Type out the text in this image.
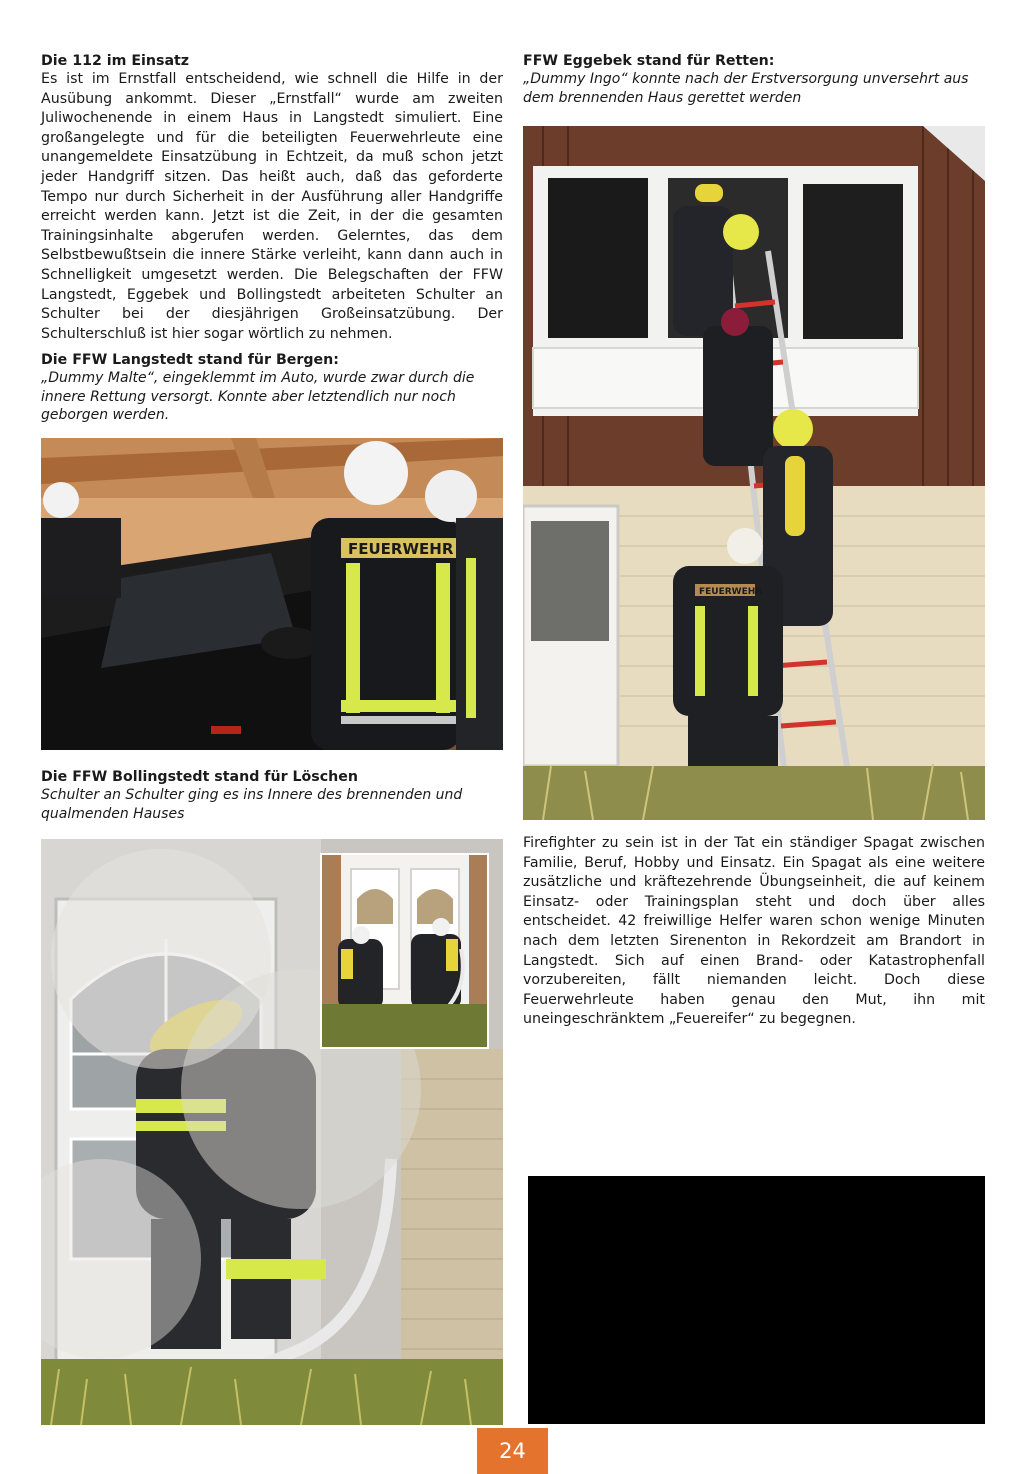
Die 112 im Einsatz

Es ist im Ernstfall entscheidend, wie schnell die Hilfe in der Ausübung ankommt. Dieser „Ernstfall“ wurde am zweiten Juliwochenende in einem Haus in Langstedt simuliert. Eine großangelegte und für die beteiligten Feuerwehrleute eine unangemeldete Einsatzübung in Echtzeit, da muß schon jetzt jeder Handgriff sitzen. Das heißt auch, daß das geforderte Tempo nur durch Sicherheit in der Ausführung aller Handgriffe erreicht werden kann. Jetzt ist die Zeit, in der die gesamten Trainingsinhalte abgerufen werden. Gelerntes, das dem Selbstbewußtsein die innere Stärke verleiht, kann dann auch in Schnelligkeit umgesetzt werden. Die Belegschaften der FFW Langstedt, Eggebek und Bollingstedt arbeiteten Schulter an Schulter bei der diesjährigen Großeinsatzübung. Der Schulterschluß ist hier sogar wörtlich zu nehmen.

Die FFW Langstedt stand für Bergen:

„Dummy Malte“, eingeklemmt im Auto, wurde zwar durch die innere Rettung versorgt. Konnte aber letztendlich nur noch geborgen werden.

FEUERWEHR

Die FFW Bollingstedt stand für Löschen

Schulter an Schulter ging es ins Innere des brennenden und qualmenden Hauses

FFW Eggebek stand für Retten:

„Dummy Ingo“ konnte nach der Erstversorgung unversehrt aus dem brennenden Haus gerettet werden

FEUERWEHR

Firefighter zu sein ist in der Tat ein ständiger Spagat zwischen Familie, Beruf, Hobby und Einsatz. Ein Spagat als eine weitere zusätzliche und kräftezehrende Übungseinheit, die auf keinem Einsatz- oder Trainingsplan steht und doch über alles entscheidet. 42 freiwillige Helfer waren schon wenige Minuten nach dem letzten Sirenenton in Rekordzeit am Brandort in Langstedt. Sich auf einen Brand- oder Katastrophenfall vorzubereiten, fällt niemanden leicht. Doch diese Feuerwehrleute haben genau den Mut, ihn mit uneingeschränktem „Feuereifer“ zu begegnen.

24
